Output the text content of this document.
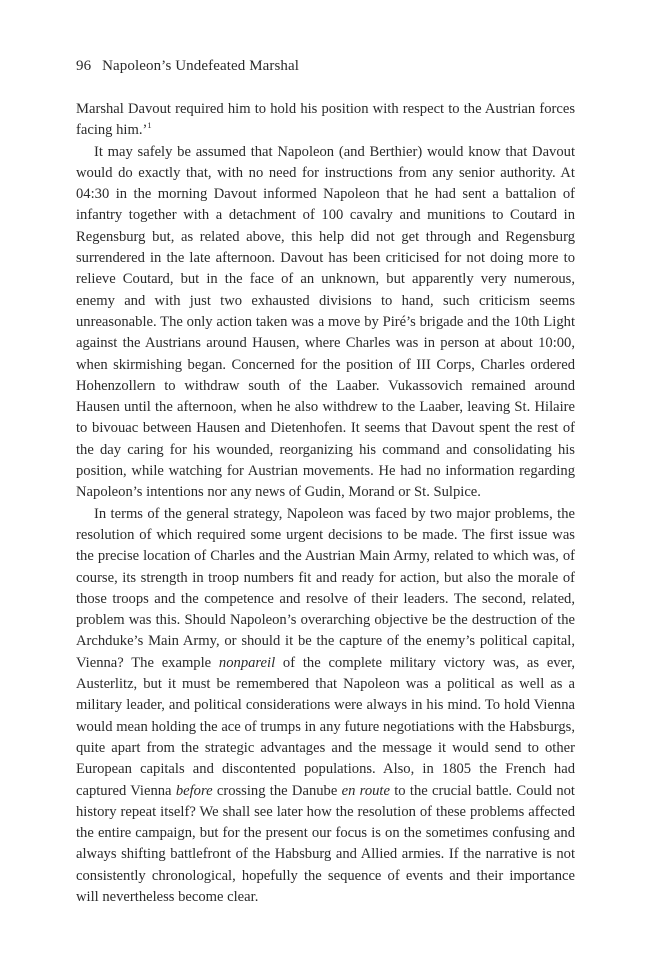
96 Napoleon’s Undefeated Marshal

Marshal Davout required him to hold his position with respect to the Austrian forces facing him.’$^1$

It may safely be assumed that Napoleon (and Berthier) would know that Davout would do exactly that, with no need for instructions from any senior authority. At 04:30 in the morning Davout informed Napoleon that he had sent a battalion of infantry together with a detachment of 100 cavalry and munitions to Coutard in Regensburg but, as related above, this help did not get through and Regensburg surrendered in the late afternoon. Davout has been criticised for not doing more to relieve Coutard, but in the face of an unknown, but apparently very numerous, enemy and with just two exhausted divisions to hand, such criticism seems unreasonable. The only action taken was a move by Piré’s brigade and the 10th Light against the Austrians around Hausen, where Charles was in person at about 10:00, when skirmishing began. Concerned for the position of III Corps, Charles ordered Hohenzollern to withdraw south of the Laaber. Vukassovich remained around Hausen until the afternoon, when he also withdrew to the Laaber, leaving St. Hilaire to bivouac between Hausen and Dietenhofen. It seems that Davout spent the rest of the day caring for his wounded, reorganizing his command and consolidating his position, while watching for Austrian movements. He had no information regarding Napoleon’s intentions nor any news of Gudin, Morand or St. Sulpice.

In terms of the general strategy, Napoleon was faced by two major problems, the resolution of which required some urgent decisions to be made. The first issue was the precise location of Charles and the Austrian Main Army, related to which was, of course, its strength in troop numbers fit and ready for action, but also the morale of those troops and the competence and resolve of their leaders. The second, related, problem was this. Should Napoleon’s overarching objective be the destruction of the Archduke’s Main Army, or should it be the capture of the enemy’s political capital, Vienna? The example nonpareil of the complete military victory was, as ever, Austerlitz, but it must be remembered that Napoleon was a political as well as a military leader, and political considerations were always in his mind. To hold Vienna would mean holding the ace of trumps in any future negotiations with the Habsburgs, quite apart from the strategic advantages and the message it would send to other European capitals and discontented populations. Also, in 1805 the French had captured Vienna before crossing the Danube en route to the crucial battle. Could not history repeat itself? We shall see later how the resolution of these problems affected the entire campaign, but for the present our focus is on the sometimes confusing and always shifting battlefront of the Habsburg and Allied armies. If the narrative is not consistently chronological, hopefully the sequence of events and their importance will nevertheless become clear.
